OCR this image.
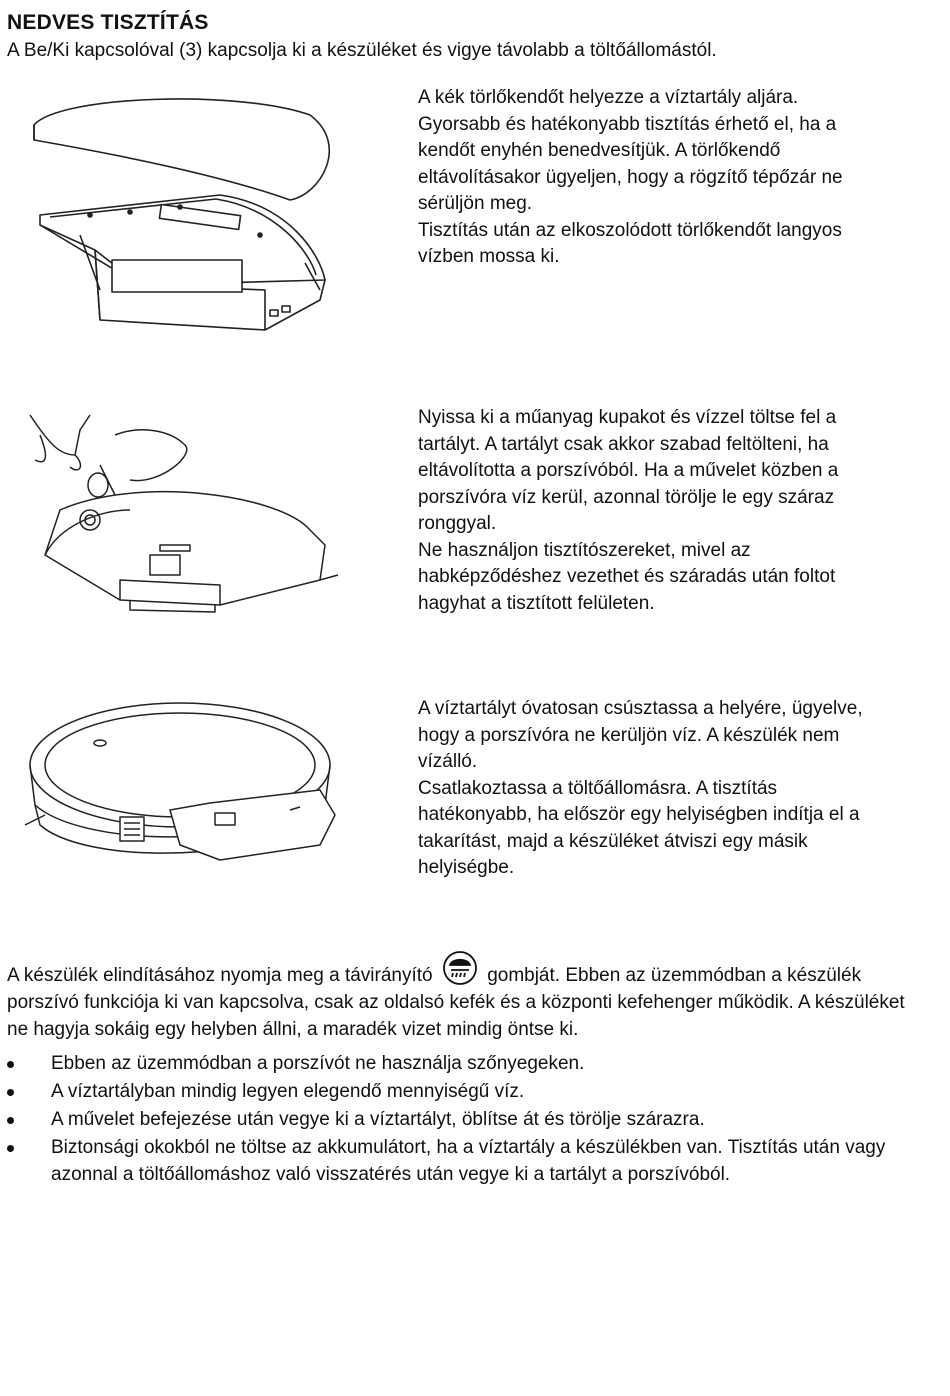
NEDVES TISZTÍTÁS
A Be/Ki kapcsolóval (3) kapcsolja ki a készüléket és vigye távolabb a töltőállomástól.

A kék törlőkendőt helyezze a víztartály aljára.

Gyorsabb és hatékonyabb tisztítás érhető el, ha a kendőt enyhén benedvesítjük. A törlőkendő eltávolításakor ügyeljen, hogy a rögzítő tépőzár ne sérüljön meg.

Tisztítás után az elkoszolódott törlőkendőt langyos vízben mossa ki.

Nyissa ki a műanyag kupakot és vízzel töltse fel a tartályt. A tartályt csak akkor szabad feltölteni, ha eltávolította a porszívóból. Ha a művelet közben a porszívóra víz kerül, azonnal törölje le egy száraz ronggyal.

Ne használjon tisztítószereket, mivel az habképződéshez vezethet és száradás után foltot hagyhat a tisztított felületen.

A víztartályt óvatosan csúsztassa a helyére, ügyelve, hogy a porszívóra ne kerüljön víz. A készülék nem vízálló.

Csatlakoztassa a töltőállomásra. A tisztítás hatékonyabb, ha először egy helyiségben indítja el a takarítást, majd a készüléket átviszi egy másik helyiségbe.

A készülék elindításához nyomja meg a távirányító	gombját. Ebben az üzemmódban a készülék porszívó funkciója ki van kapcsolva, csak az oldalsó kefék és a központi kefehenger működik. A készüléket ne hagyja sokáig egy helyben állni, a maradék vizet mindig öntse ki.
Ebben az üzemmódban a porszívót ne használja szőnyegeken.
A víztartályban mindig legyen elegendő mennyiségű víz.
A művelet befejezése után vegye ki a víztartályt, öblítse át és törölje szárazra.
Biztonsági okokból ne töltse az akkumulátort, ha a víztartály a készülékben van. Tisztítás után vagy azonnal a töltőállomáshoz való visszatérés után vegye ki a tartályt a porszívóból.
